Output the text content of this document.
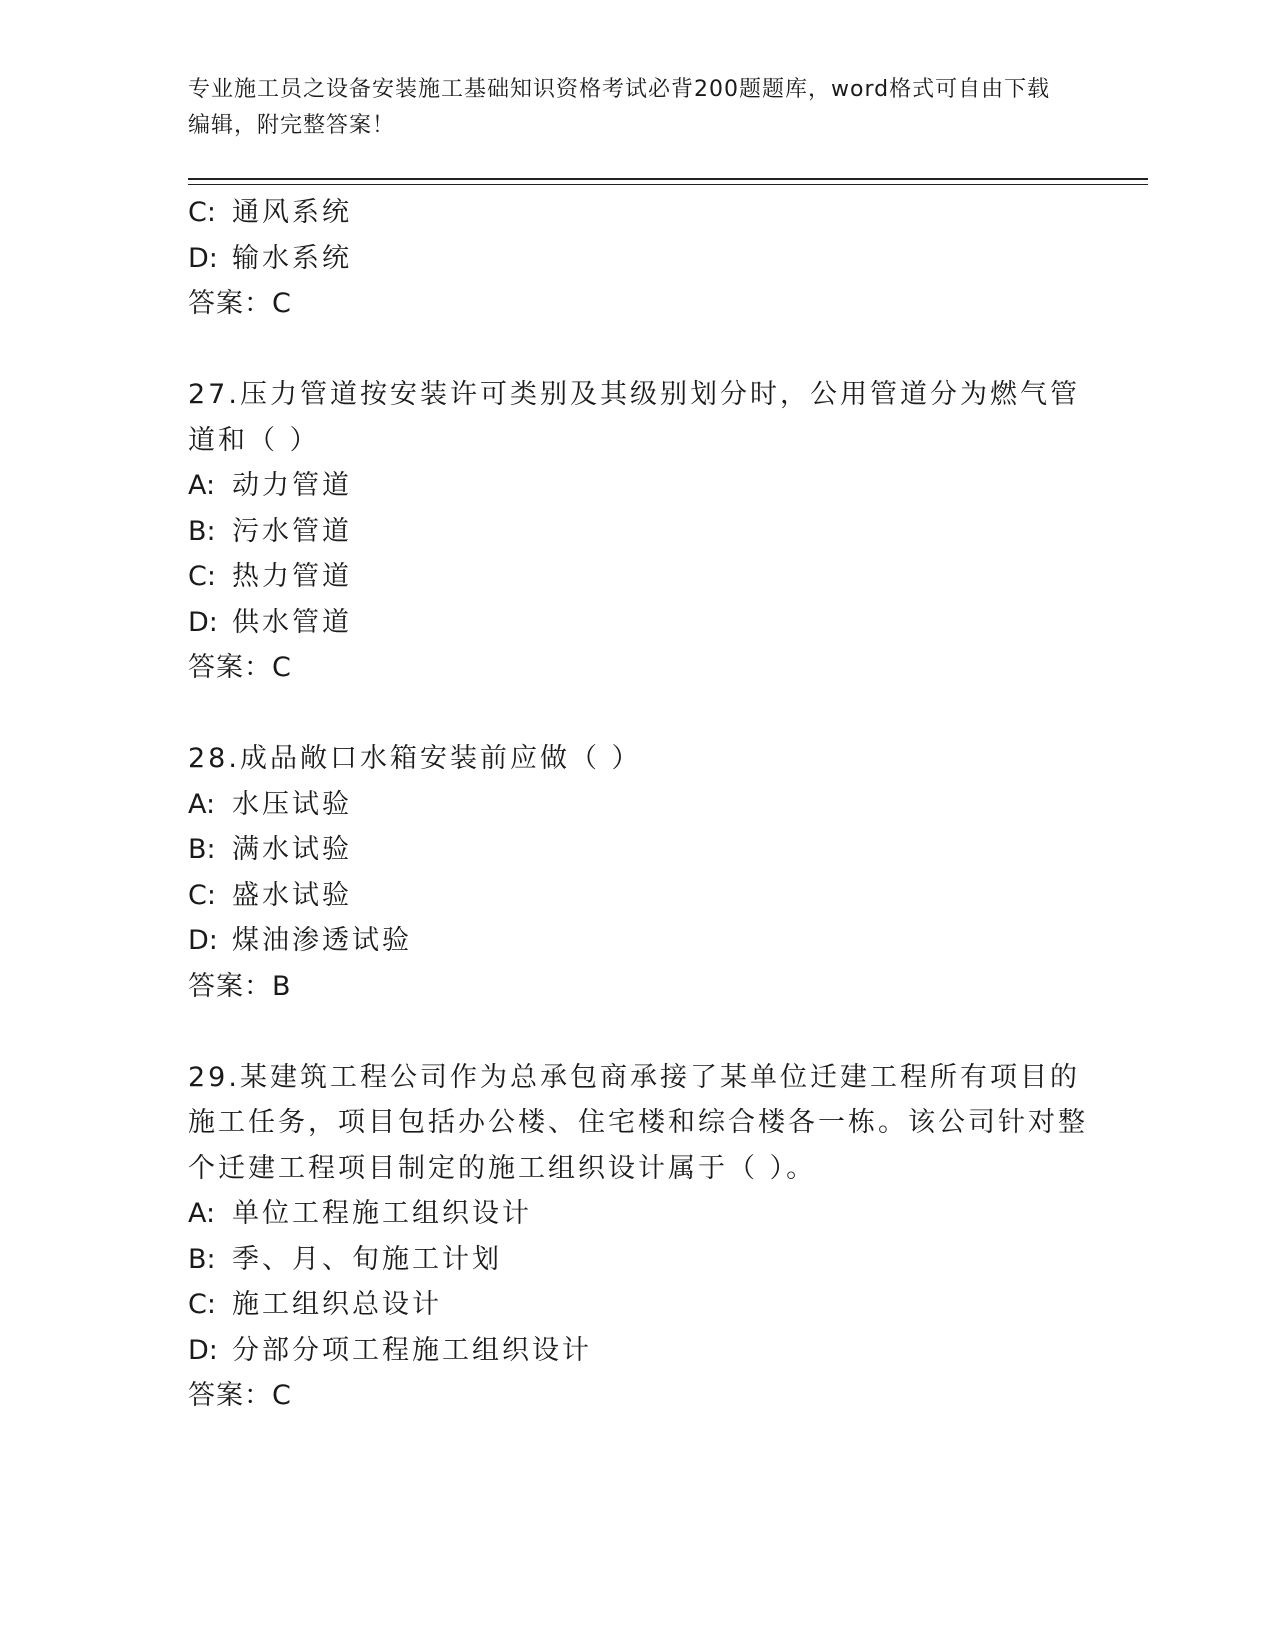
专业施工员之设备安装施工基础知识资格考试必背200题题库，word格式可自由下载编辑，附完整答案！
C: 通风系统
D: 输水系统
答案：C
27.压力管道按安装许可类别及其级别划分时，公用管道分为燃气管道和（ ）
A: 动力管道
B: 污水管道
C: 热力管道
D: 供水管道
答案：C
28.成品敞口水箱安装前应做（ ）
A: 水压试验
B: 满水试验
C: 盛水试验
D: 煤油渗透试验
答案：B
29.某建筑工程公司作为总承包商承接了某单位迁建工程所有项目的施工任务，项目包括办公楼、住宅楼和综合楼各一栋。该公司针对整个迁建工程项目制定的施工组织设计属于（ ）。
A: 单位工程施工组织设计
B: 季、月、旬施工计划
C: 施工组织总设计
D: 分部分项工程施工组织设计
答案：C
